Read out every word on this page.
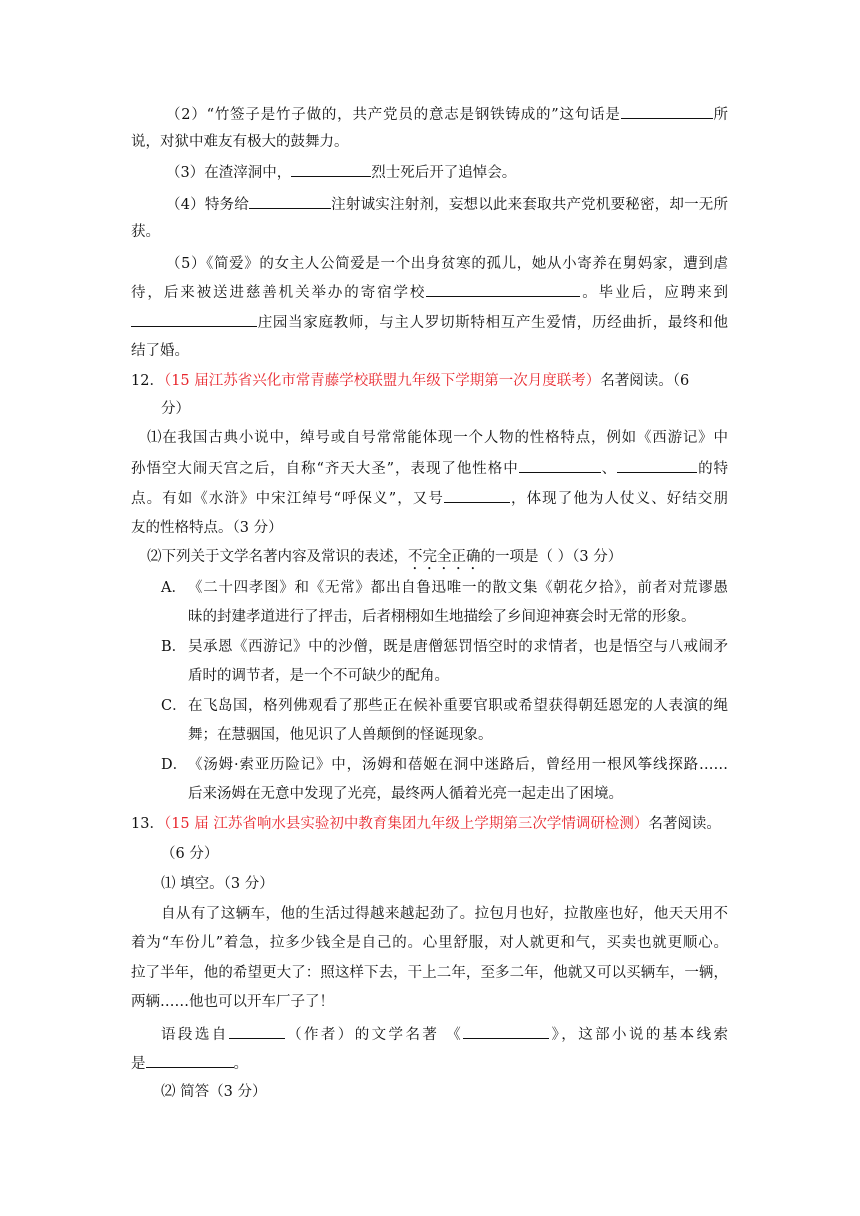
（2）“竹签子是竹子做的，共产党员的意志是钢铁铸成的”这句话是	所
说，对狱中难友有极大的鼓舞力。
（3）在渣滓洞中，	烈士死后开了追悼会。
（4）特务给	注射诚实注射剂，妄想以此来套取共产党机要秘密，却一无所
获。
（5）《简爱》的女主人公简爱是一个出身贫寒的孤儿，她从小寄养在舅妈家，遭到虐
待，后来被送进慈善机关举办的寄宿学校	。毕业后，应聘来到
庄园当家庭教师，与主人罗切斯特相互产生爱情，历经曲折，最终和他
结了婚。
12．（15 届江苏省兴化市常青藤学校联盟九年级下学期第一次月度联考）名著阅读。（6
分）
⑴在我国古典小说中，绰号或自号常常能体现一个人物的性格特点，例如《西游记》中
孙悟空大闹天宫之后，自称“齐天大圣”，表现了他性格中	、	的特
点。有如《水浒》中宋江绰号“呼保义”，又号	，体现了他为人仗义、好结交朋
友的性格特点。（3 分）
⑵下列关于文学名著内容及常识的表述，不完全正确的一项是（ ）（3 分）
A． 《二十四孝图》和《无常》都出自鲁迅唯一的散文集《朝花夕拾》，前者对荒谬愚
昧的封建孝道进行了抨击，后者栩栩如生地描绘了乡间迎神赛会时无常的形象。
B． 吴承恩《西游记》中的沙僧，既是唐僧惩罚悟空时的求情者，也是悟空与八戒闹矛
盾时的调节者，是一个不可缺少的配角。
C． 在飞岛国，格列佛观看了那些正在候补重要官职或希望获得朝廷恩宠的人表演的绳
舞；在慧骃国，他见识了人兽颠倒的怪诞现象。
D． 《汤姆·索亚历险记》中，汤姆和蓓姬在洞中迷路后，曾经用一根风筝线探路……
后来汤姆在无意中发现了光亮，最终两人循着光亮一起走出了困境。
13．（15 届 江苏省响水县实验初中教育集团九年级上学期第三次学情调研检测）名著阅读。
（6 分）
⑴ 填空。（3 分）
自从有了这辆车，他的生活过得越来越起劲了。拉包月也好，拉散座也好，他天天用不
着为“车份儿”着急，拉多少钱全是自己的。心里舒服，对人就更和气，买卖也就更顺心。
拉了半年，他的希望更大了：照这样下去，干上二年，至多二年，他就又可以买辆车，一辆，
两辆……他也可以开车厂子了！
语段选自	（作者）的文学名著 《	》，这部小说的基本线索
是	。
⑵ 简答（3 分）
